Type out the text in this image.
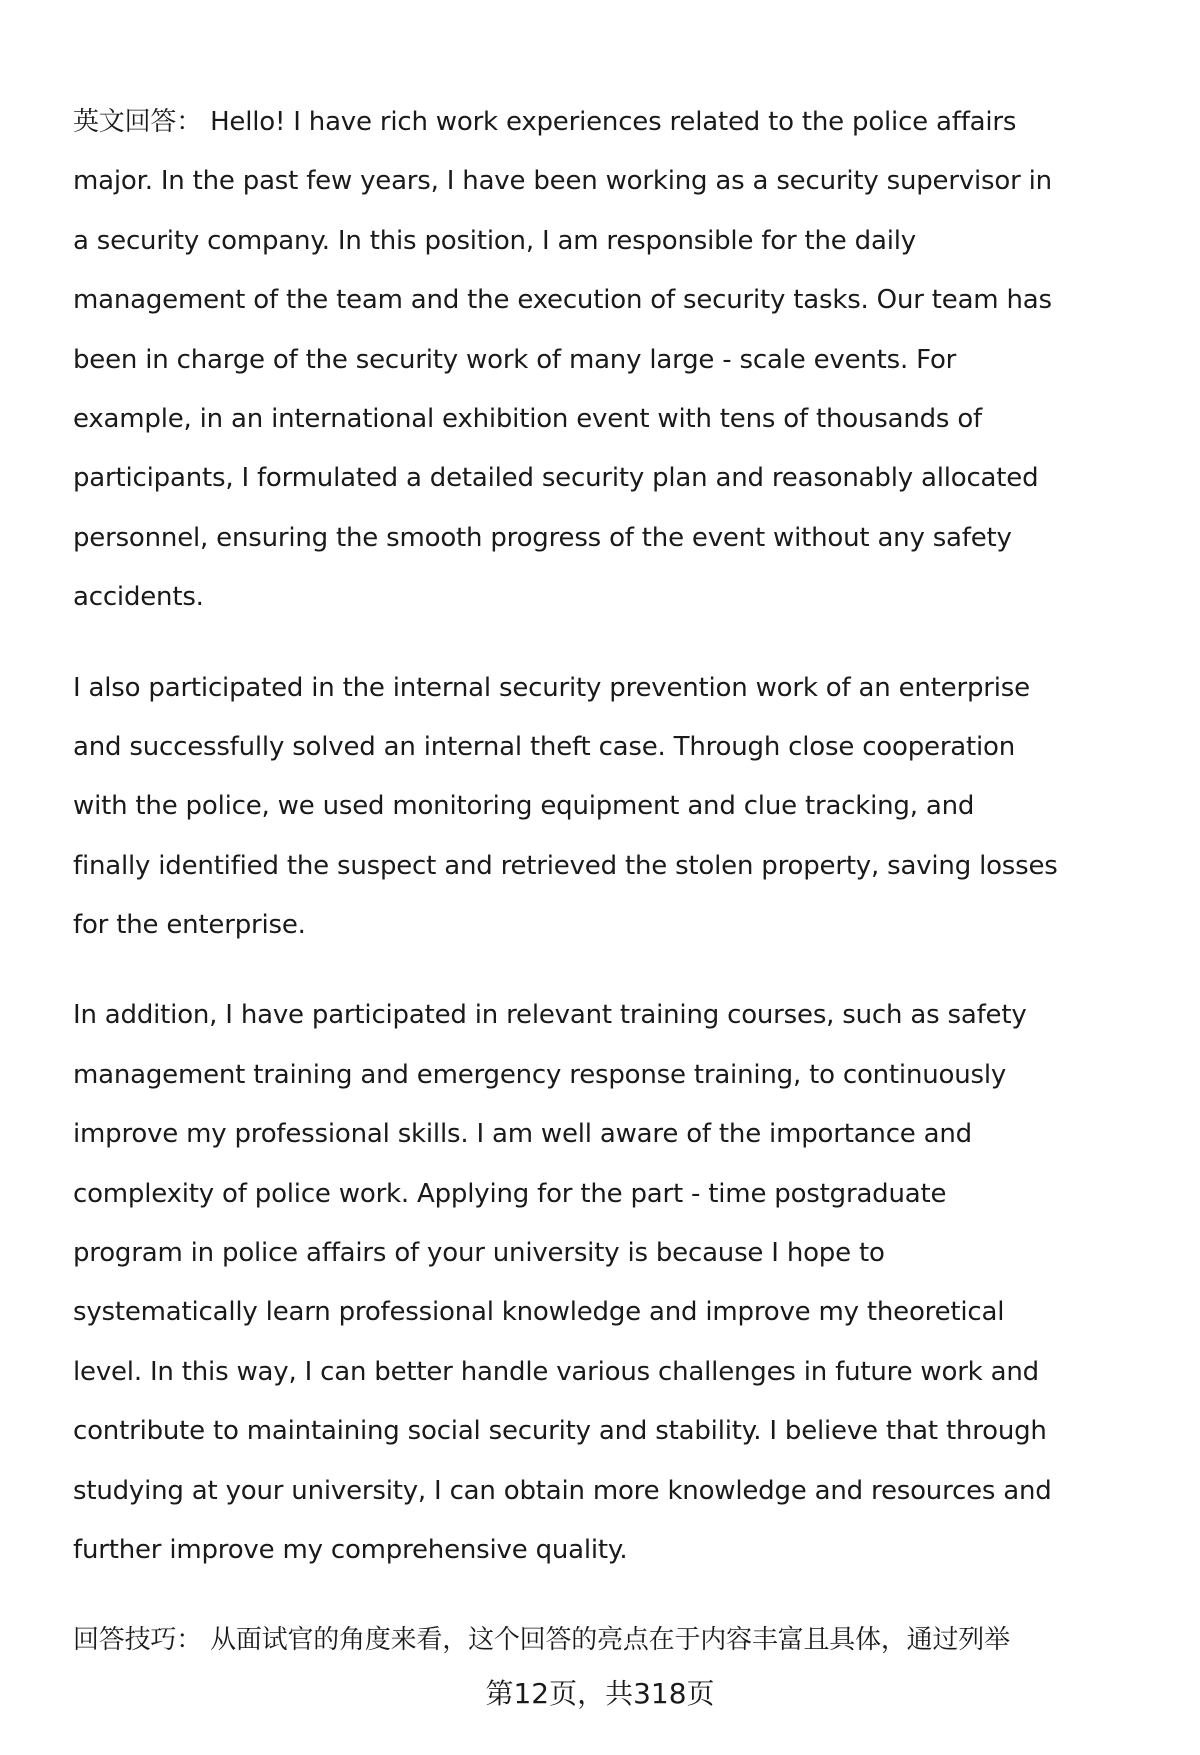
英文回答： Hello! I have rich work experiences related to the police affairs
major. In the past few years, I have been working as a security supervisor in
a security company. In this position, I am responsible for the daily
management of the team and the execution of security tasks. Our team has
been in charge of the security work of many large - scale events. For
example, in an international exhibition event with tens of thousands of
participants, I formulated a detailed security plan and reasonably allocated
personnel, ensuring the smooth progress of the event without any safety
accidents.
I also participated in the internal security prevention work of an enterprise
and successfully solved an internal theft case. Through close cooperation
with the police, we used monitoring equipment and clue tracking, and
finally identified the suspect and retrieved the stolen property, saving losses
for the enterprise.
In addition, I have participated in relevant training courses, such as safety
management training and emergency response training, to continuously
improve my professional skills. I am well aware of the importance and
complexity of police work. Applying for the part - time postgraduate
program in police affairs of your university is because I hope to
systematically learn professional knowledge and improve my theoretical
level. In this way, I can better handle various challenges in future work and
contribute to maintaining social security and stability. I believe that through
studying at your university, I can obtain more knowledge and resources and
further improve my comprehensive quality.
回答技巧： 从面试官的角度来看，这个回答的亮点在于内容丰富且具体，通过列举
第12页，共318页
